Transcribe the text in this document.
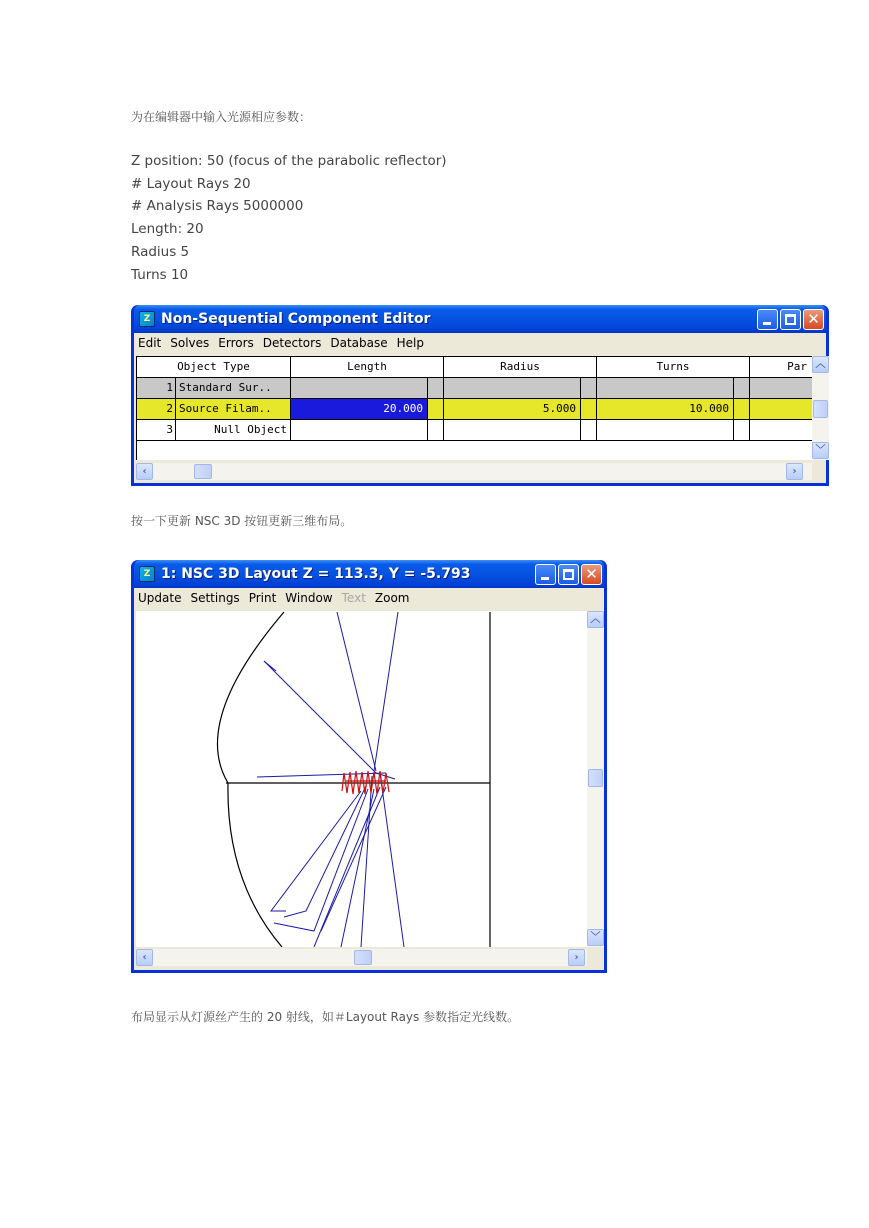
为在编辑器中输入光源相应参数：

Z position: 50 (focus of the parabolic reflector)
# Layout Rays 20
# Analysis Rays 5000000
Length: 20
Radius 5
Turns 10
Z Non-Sequential Component Editor	✕
Edit Solves Errors Detectors Database Help
Object Type	Length	Radius	Turns	Par
1 Standard Sur..
2 Source Filam..	20.000	5.000	10.000
3	Null Object
︿
﹀
‹	›

按一下更新 NSC 3D 按钮更新三维布局。

Z 1: NSC 3D Layout Z = 113.3, Y = -5.793	✕
Update Settings Print Window Text Zoom
︿
﹀
‹	›

布局显示从灯源丝产生的 20 射线，如＃Layout Rays 参数指定光线数。
